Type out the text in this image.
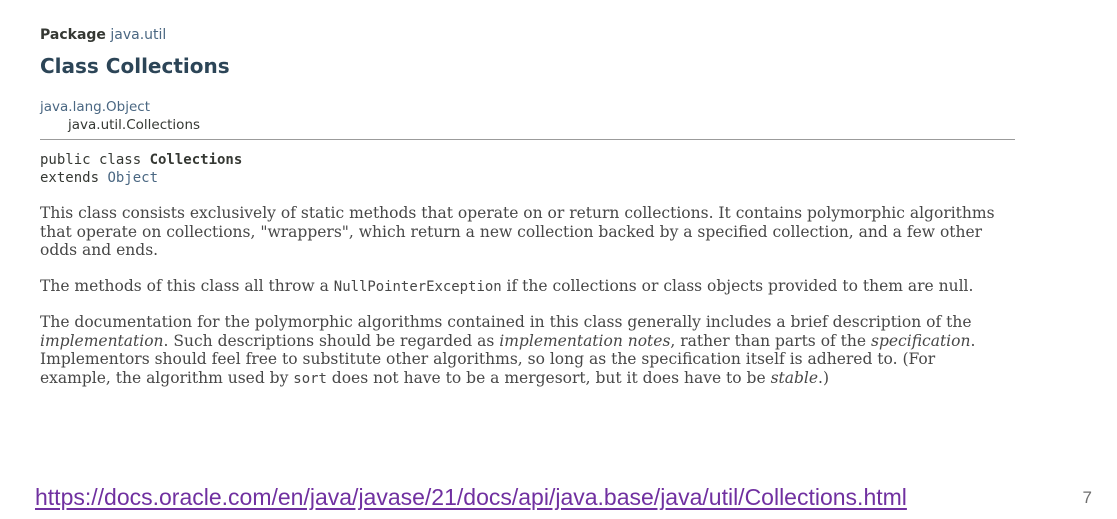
Package java.util
Class Collections
java.lang.Object
java.util.Collections
public class Collections
extends Object

This class consists exclusively of static methods that operate on or return collections. It contains polymorphic algorithms that operate on collections, "wrappers", which return a new collection backed by a specified collection, and a few other odds and ends.

The methods of this class all throw a NullPointerException if the collections or class objects provided to them are null.

The documentation for the polymorphic algorithms contained in this class generally includes a brief description of the implementation. Such descriptions should be regarded as implementation notes, rather than parts of the specification. Implementors should feel free to substitute other algorithms, so long as the specification itself is adhered to. (For example, the algorithm used by sort does not have to be a mergesort, but it does have to be stable.)

https://docs.oracle.com/en/java/javase/21/docs/api/java.base/java/util/Collections.html	7
